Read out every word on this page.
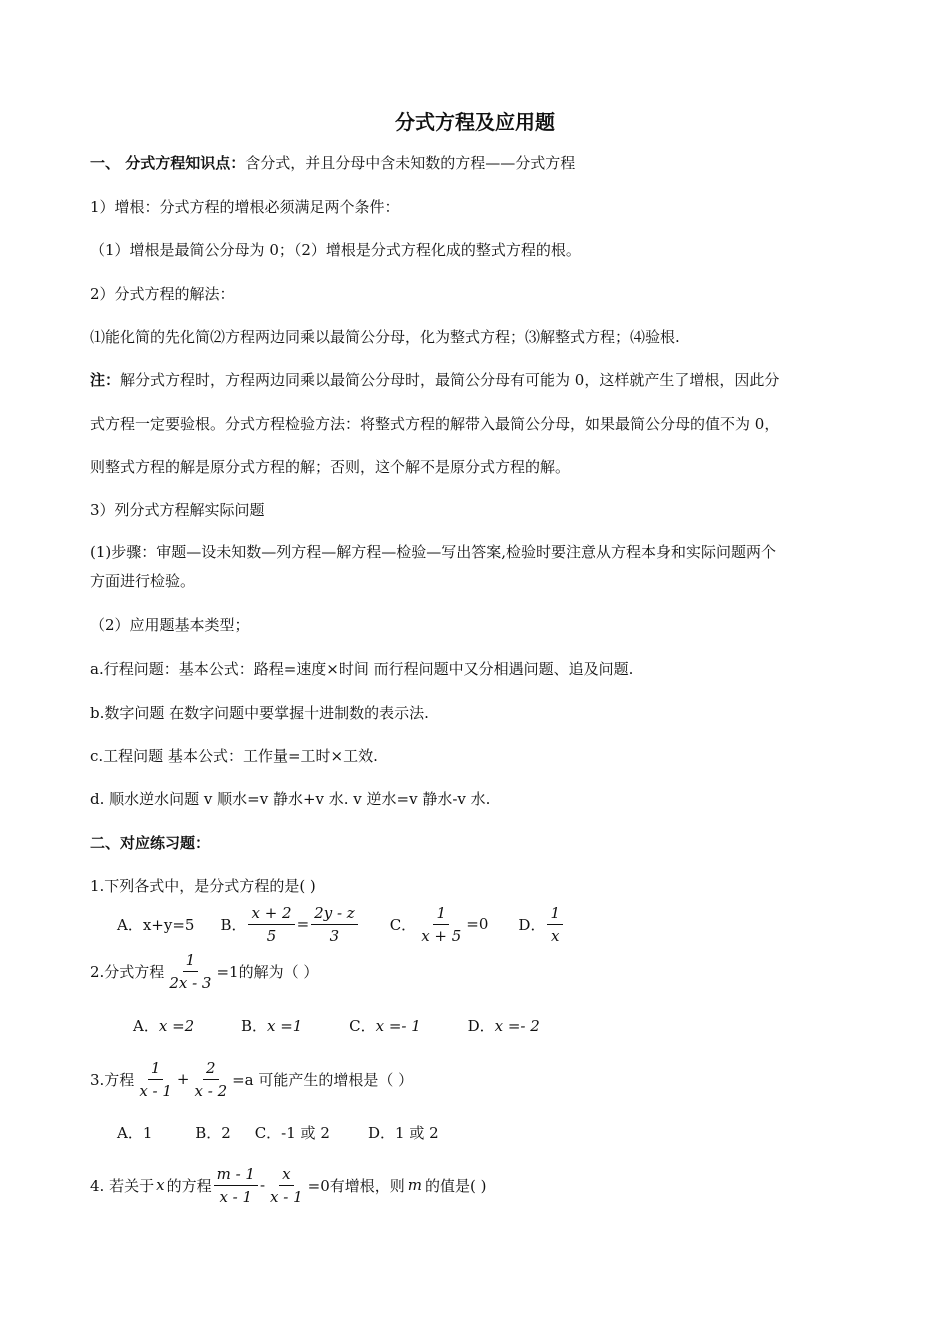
分式方程及应用题
一、 分式方程知识点：含分式，并且分母中含未知数的方程——分式方程
1）增根：分式方程的增根必须满足两个条件：
（1）增根是最简公分母为 0；（2）增根是分式方程化成的整式方程的根。
2）分式方程的解法：
⑴能化简的先化简⑵方程两边同乘以最简公分母，化为整式方程；⑶解整式方程；⑷验根.
注：解分式方程时，方程两边同乘以最简公分母时，最简公分母有可能为 0，这样就产生了增根，因此分
式方程一定要验根。分式方程检验方法：将整式方程的解带入最简公分母，如果最简公分母的值不为 0，
则整式方程的解是原分式方程的解；否则，这个解不是原分式方程的解。
3）列分式方程解实际问题
(1)步骤：审题—设未知数—列方程—解方程—检验—写出答案,检验时要注意从方程本身和实际问题两个
方面进行检验。
（2）应用题基本类型；
a.行程问题：基本公式：路程=速度×时间 而行程问题中又分相遇问题、追及问题.
b.数字问题 在数字问题中要掌握十进制数的表示法.
c.工程问题 基本公式：工作量=工时×工效.
d. 顺水逆水问题 v 顺水=v 静水+v 水. v 逆水=v 静水-v 水.
二、对应练习题：
1.下列各式中，是分式方程的是( )
A．x+y=5 B． $\frac{x + 2}{5} = \frac{2y - z}{3}$ C． $\frac{1}{x + 5} =0$ D． $\frac{1}{x}$
2.分式方程 $\frac{1}{2x - 3} =1$的解为（ ）
A．x =2	B．x =1	C．x =- 1	D．x =- 2
3.方程 $\frac{1}{x - 1} + \frac{2}{x - 2} =a$ 可能产生的增根是（ ）
A．1         B．2     C．-1 或 2        D．1 或 2
4. 若关于 x 的方程 $\frac{m - 1}{x - 1} - \frac{x}{x - 1} =0$有增根，则 m 的值是( )
